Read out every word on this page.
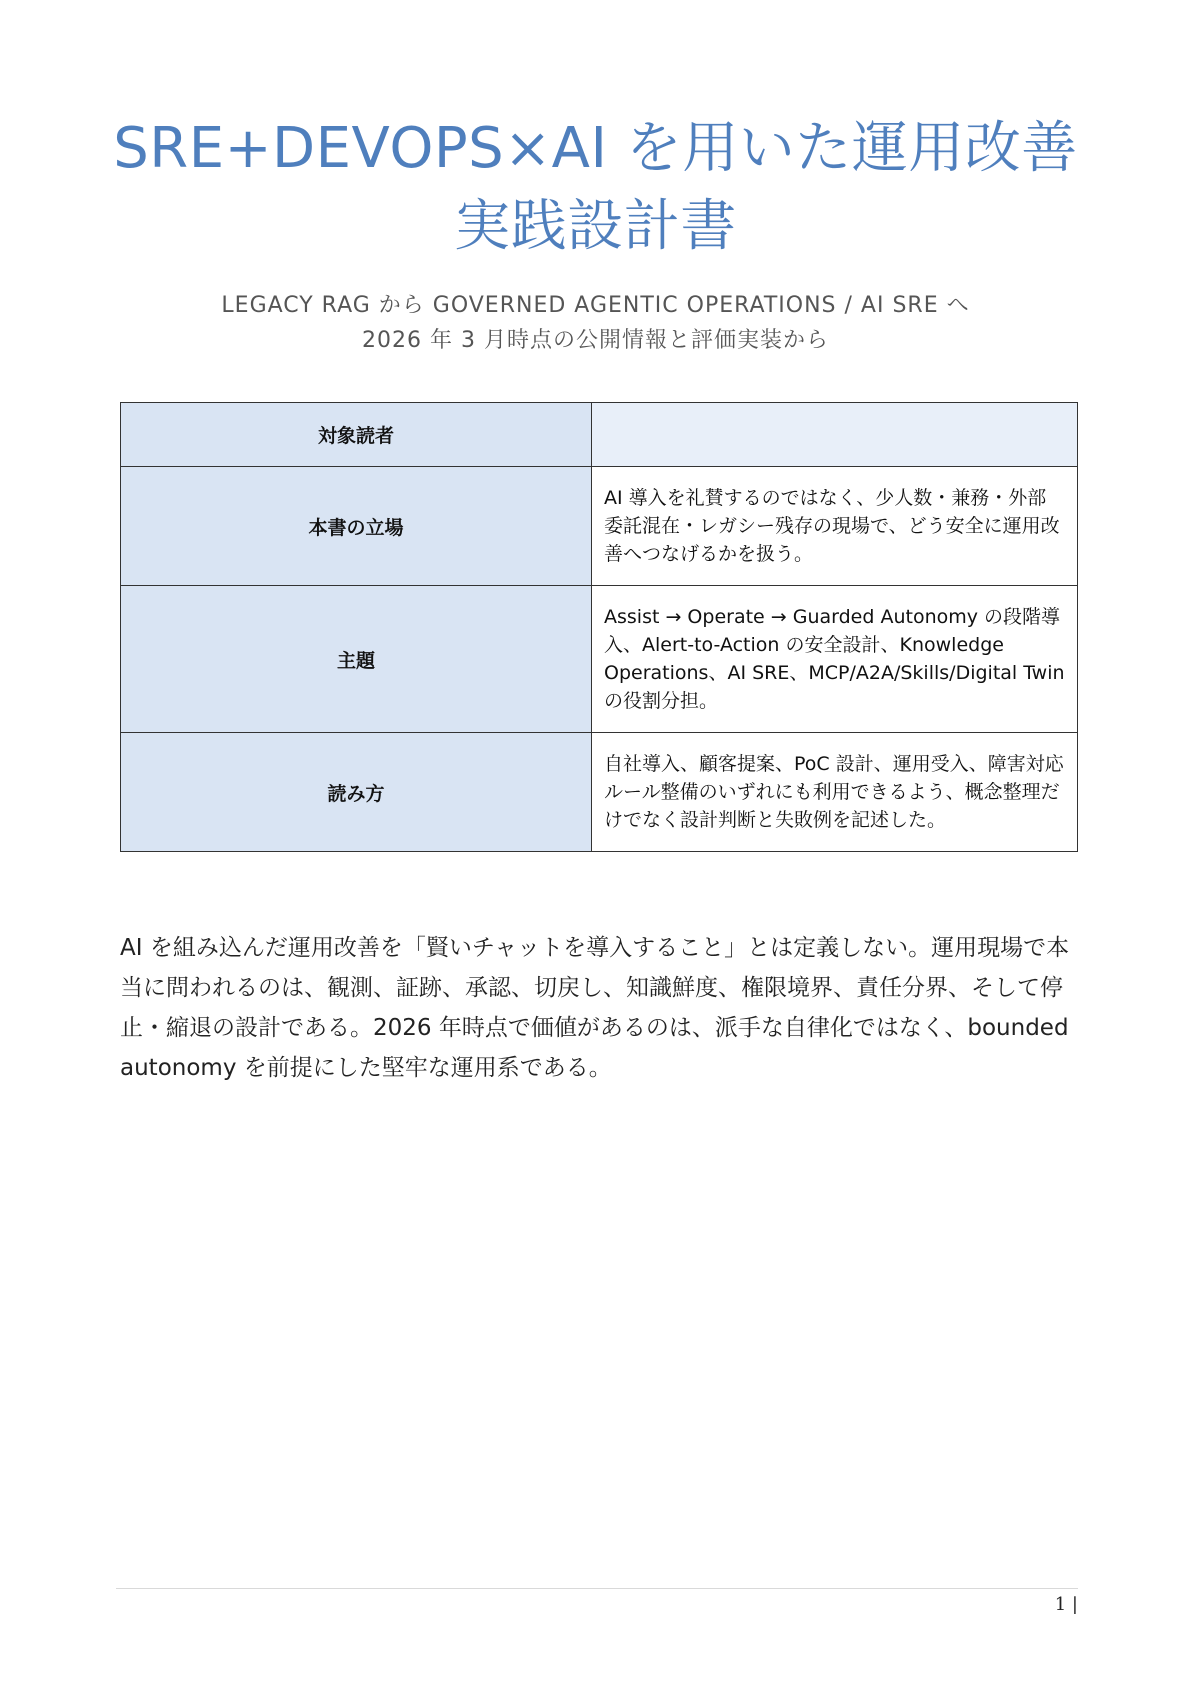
SRE+DEVOPS×AI を用いた運用改善
実践設計書
LEGACY RAG から GOVERNED AGENTIC OPERATIONS / AI SRE へ
2026 年 3 月時点の公開情報と評価実装から
対象読者	
本書の立場	AI 導入を礼賛するのではなく、少人数・兼務・外部委託混在・レガシー残存の現場で、どう安全に運用改善へつなげるかを扱う。
主題	Assist → Operate → Guarded Autonomy の段階導入、Alert-to-Action の安全設計、Knowledge Operations、AI SRE、MCP/A2A/Skills/Digital Twin の役割分担。
読み方	自社導入、顧客提案、PoC 設計、運用受入、障害対応ルール整備のいずれにも利用できるよう、概念整理だけでなく設計判断と失敗例を記述した。

AI を組み込んだ運用改善を「賢いチャットを導入すること」とは定義しない。運用現場で本当に問われるのは、観測、証跡、承認、切戻し、知識鮮度、権限境界、責任分界、そして停止・縮退の設計である。2026 年時点で価値があるのは、派手な自律化ではなく、bounded autonomy を前提にした堅牢な運用系である。

1 |
